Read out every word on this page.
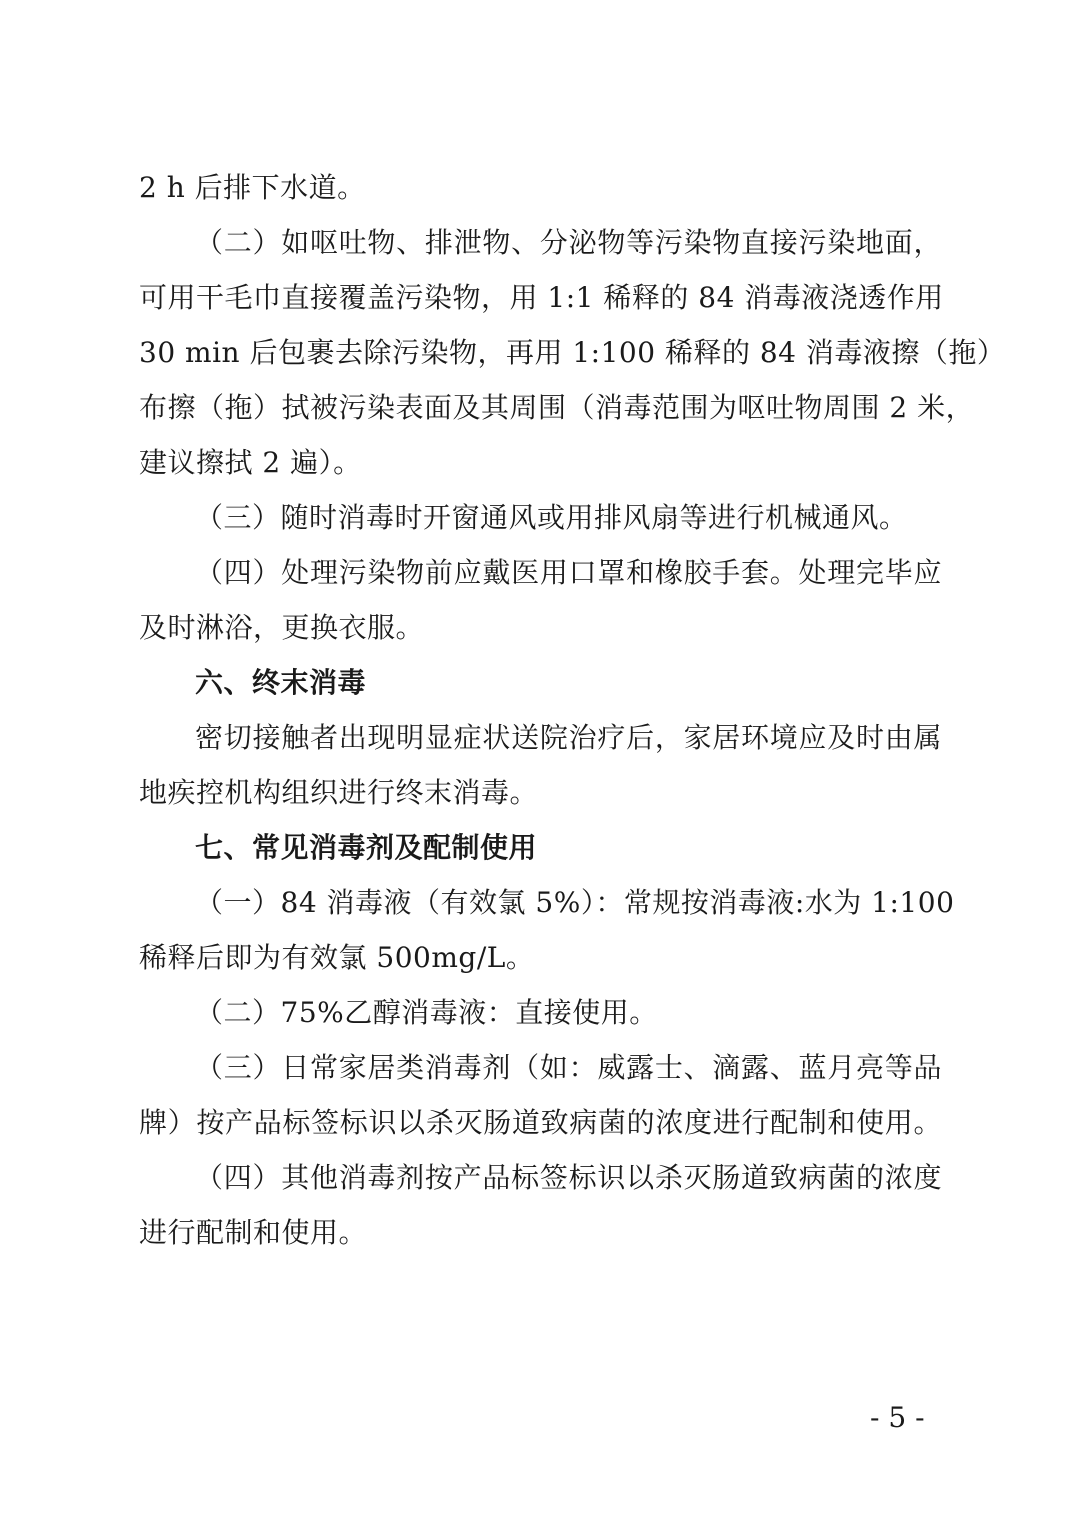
2 h 后排下水道。
（二）如呕吐物、排泄物、分泌物等污染物直接污染地面，
可用干毛巾直接覆盖污染物，用 1:1 稀释的 84 消毒液浇透作用
30 min 后包裹去除污染物，再用 1:100 稀释的 84 消毒液擦（拖）
布擦（拖）拭被污染表面及其周围（消毒范围为呕吐物周围 2 米，
建议擦拭 2 遍）。
（三）随时消毒时开窗通风或用排风扇等进行机械通风。
（四）处理污染物前应戴医用口罩和橡胶手套。处理完毕应
及时淋浴，更换衣服。
六、终末消毒
密切接触者出现明显症状送院治疗后，家居环境应及时由属
地疾控机构组织进行终末消毒。
七、常见消毒剂及配制使用
（一）84 消毒液（有效氯 5%）：常规按消毒液:水为 1:100
稀释后即为有效氯 500mg/L。
（二）75%乙醇消毒液：直接使用。
（三）日常家居类消毒剂（如：威露士、滴露、蓝月亮等品
牌）按产品标签标识以杀灭肠道致病菌的浓度进行配制和使用。
（四）其他消毒剂按产品标签标识以杀灭肠道致病菌的浓度
进行配制和使用。
- 5 -
